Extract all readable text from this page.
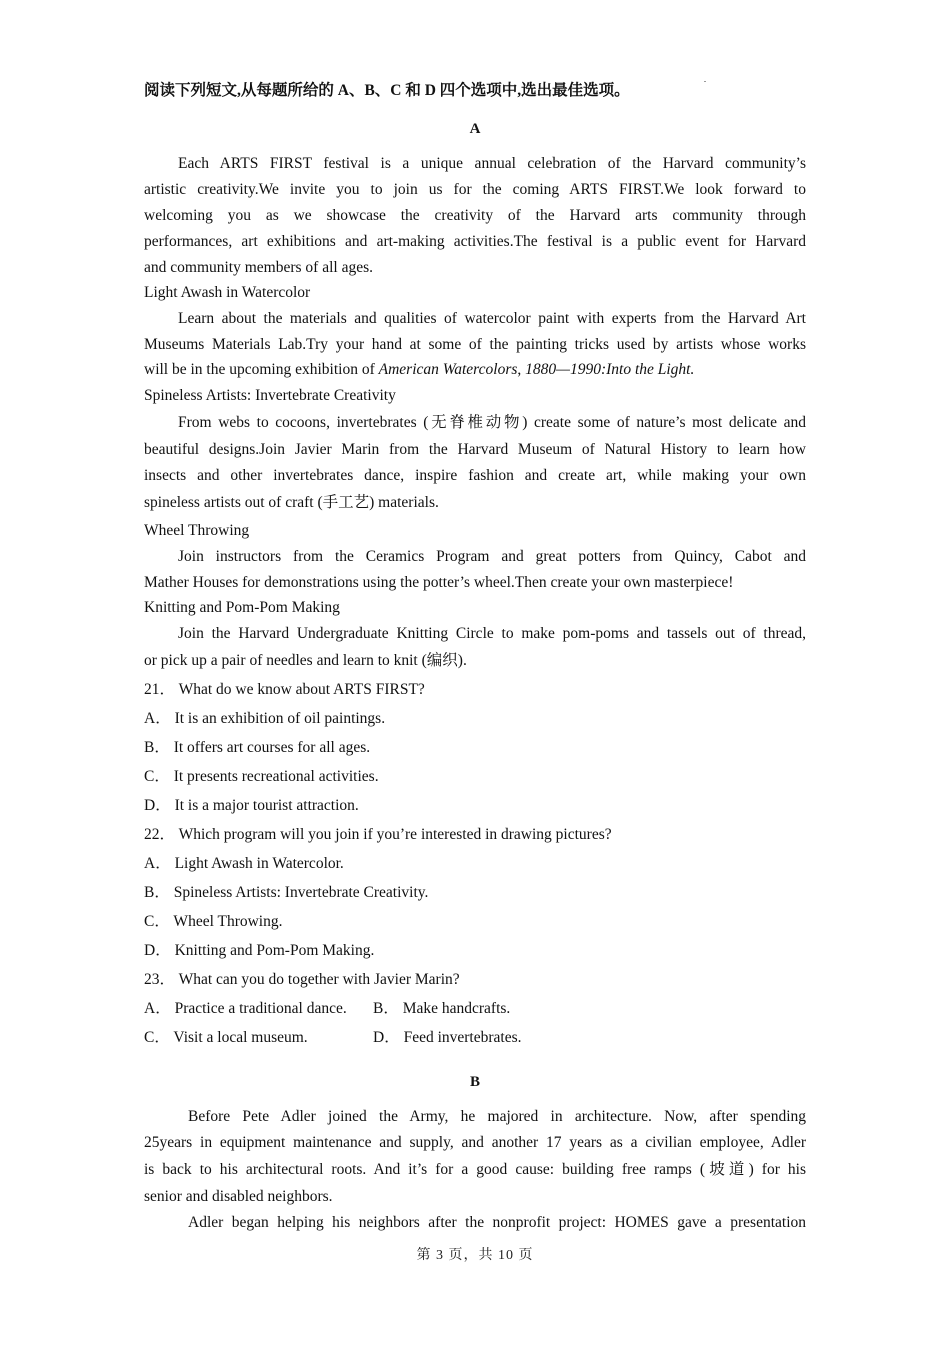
阅读下列短文,从每题所给的 A、B、C 和 D 四个选项中,选出最佳选项。
A
Each ARTS FIRST festival is a unique annual celebration of the Harvard community’s
artistic creativity.We invite you to join us for the coming ARTS FIRST.We look forward to
welcoming you as we showcase the creativity of the Harvard arts community through
performances, art exhibitions and art-making activities.The festival is a public event for Harvard
and community members of all ages.
Light Awash in Watercolor
Learn about the materials and qualities of watercolor paint with experts from the Harvard Art
Museums Materials Lab.Try your hand at some of the painting tricks used by artists whose works
will be in the upcoming exhibition of American Watercolors, 1880—1990:Into the Light.
Spineless Artists: Invertebrate Creativity
From webs to cocoons, invertebrates (无脊椎动物) create some of nature’s most delicate and
beautiful designs.Join Javier Marin from the Harvard Museum of Natural History to learn how
insects and other invertebrates dance, inspire fashion and create art, while making your own
spineless artists out of craft (手工艺) materials.
Wheel Throwing
Join instructors from the Ceramics Program and great potters from Quincy, Cabot and
Mather Houses for demonstrations using the potter’s wheel.Then create your own masterpiece!
Knitting and Pom-Pom Making
Join the Harvard Undergraduate Knitting Circle to make pom-poms and tassels out of thread,
or pick up a pair of needles and learn to knit (编织).
21． What do we know about ARTS FIRST?
A． It is an exhibition of oil paintings.
B． It offers art courses for all ages.
C． It presents recreational activities.
D． It is a major tourist attraction.
22． Which program will you join if you’re interested in drawing pictures?
A． Light Awash in Watercolor.
B． Spineless Artists: Invertebrate Creativity.
C． Wheel Throwing.
D． Knitting and Pom-Pom Making.
23． What can you do together with Javier Marin?
A． Practice a traditional dance. B． Make handcrafts.
C． Visit a local museum.	D． Feed invertebrates.
B
Before Pete Adler joined the Army, he majored in architecture. Now, after spending
25years in equipment maintenance and supply, and another 17 years as a civilian employee, Adler
is back to his architectural roots. And it’s for a good cause: building free ramps (坡道) for his
senior and disabled neighbors.
Adler began helping his neighbors after the nonprofit project: HOMES gave a presentation
第 3 页，共 10 页
